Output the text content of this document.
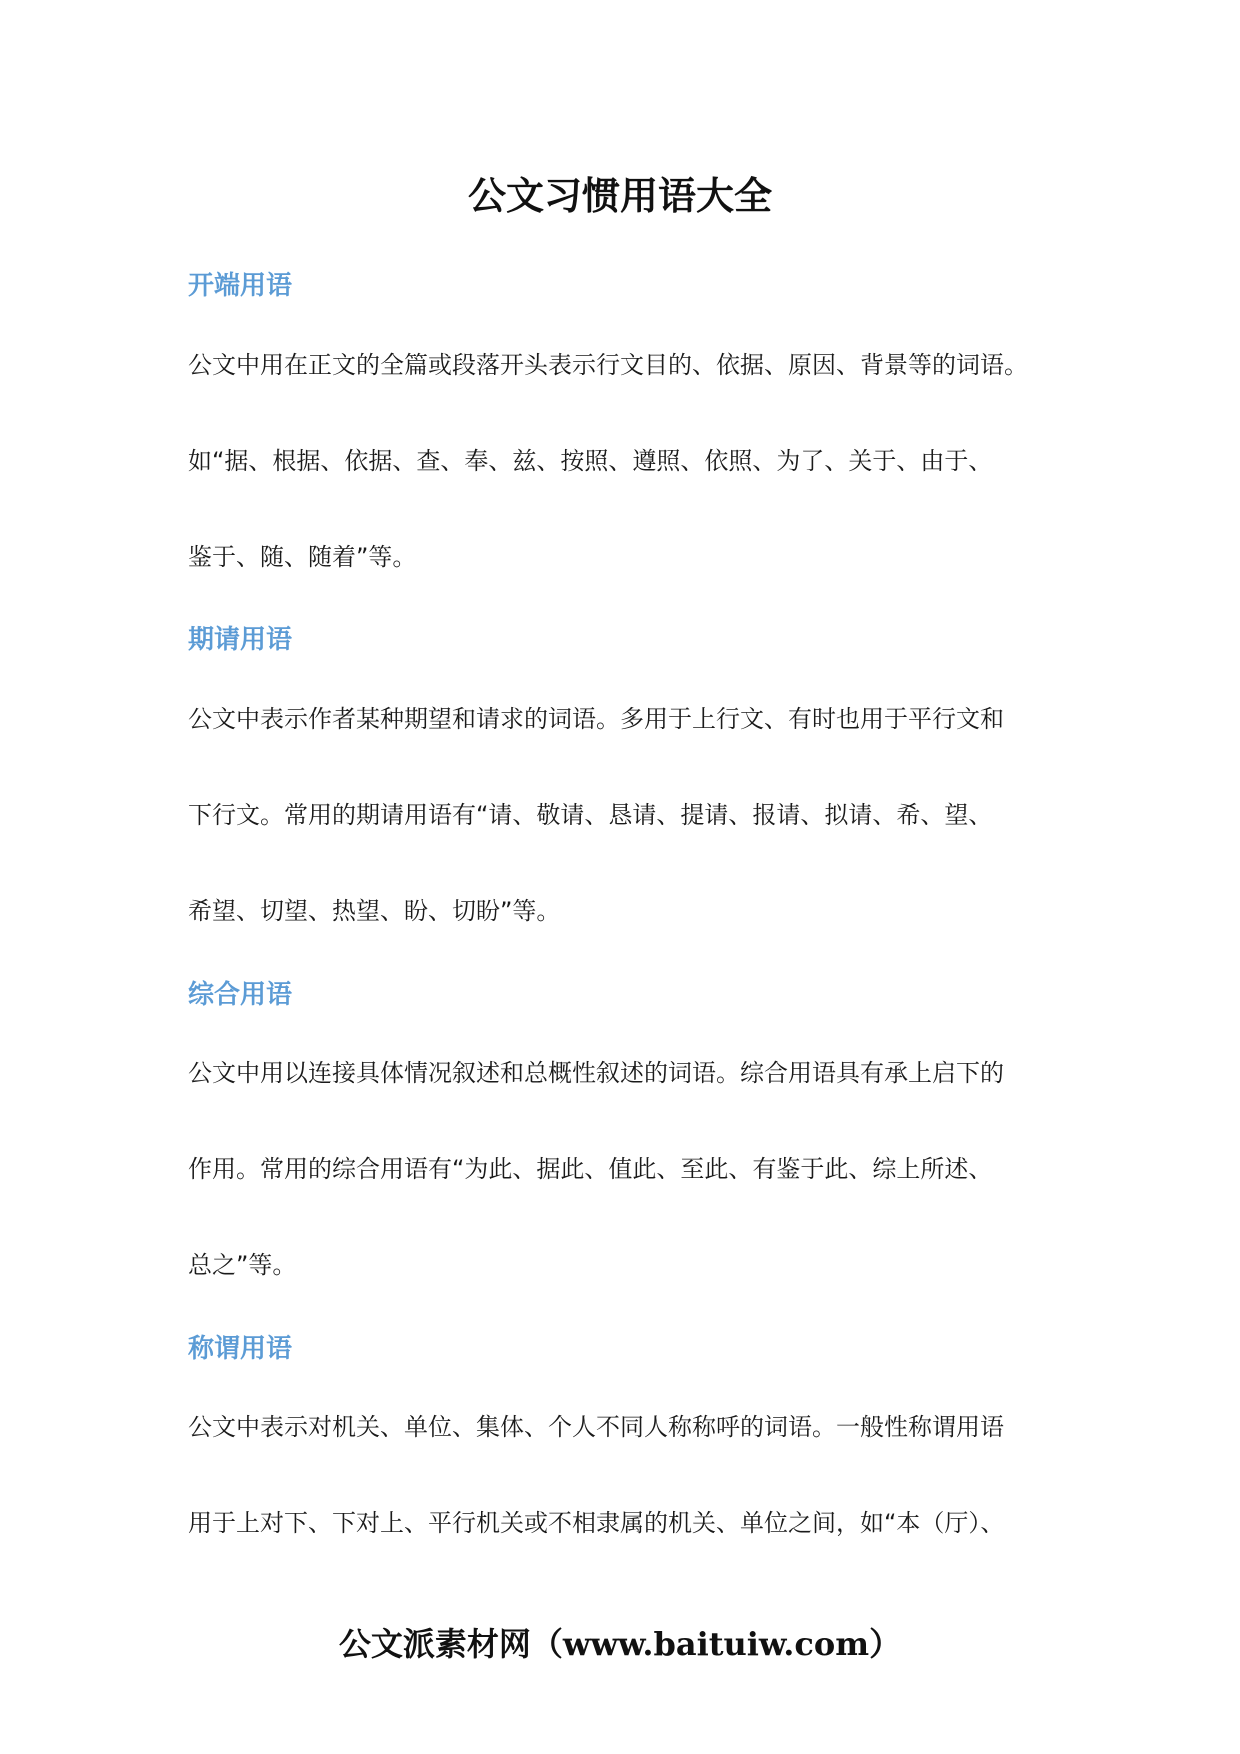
公文习惯用语大全
开端用语
公文中用在正文的全篇或段落开头表示行文目的、依据、原因、背景等的词语。
如“据、根据、依据、查、奉、兹、按照、遵照、依照、为了、关于、由于、
鉴于、随、随着”等。
期请用语
公文中表示作者某种期望和请求的词语。多用于上行文、有时也用于平行文和
下行文。常用的期请用语有“请、敬请、恳请、提请、报请、拟请、希、望、
希望、切望、热望、盼、切盼”等。
综合用语
公文中用以连接具体情况叙述和总概性叙述的词语。综合用语具有承上启下的
作用。常用的综合用语有“为此、据此、值此、至此、有鉴于此、综上所述、
总之”等。
称谓用语
公文中表示对机关、单位、集体、个人不同人称称呼的词语。一般性称谓用语
用于上对下、下对上、平行机关或不相隶属的机关、单位之间，如“本（厅）、
公文派素材网（www.baituiw.com）
